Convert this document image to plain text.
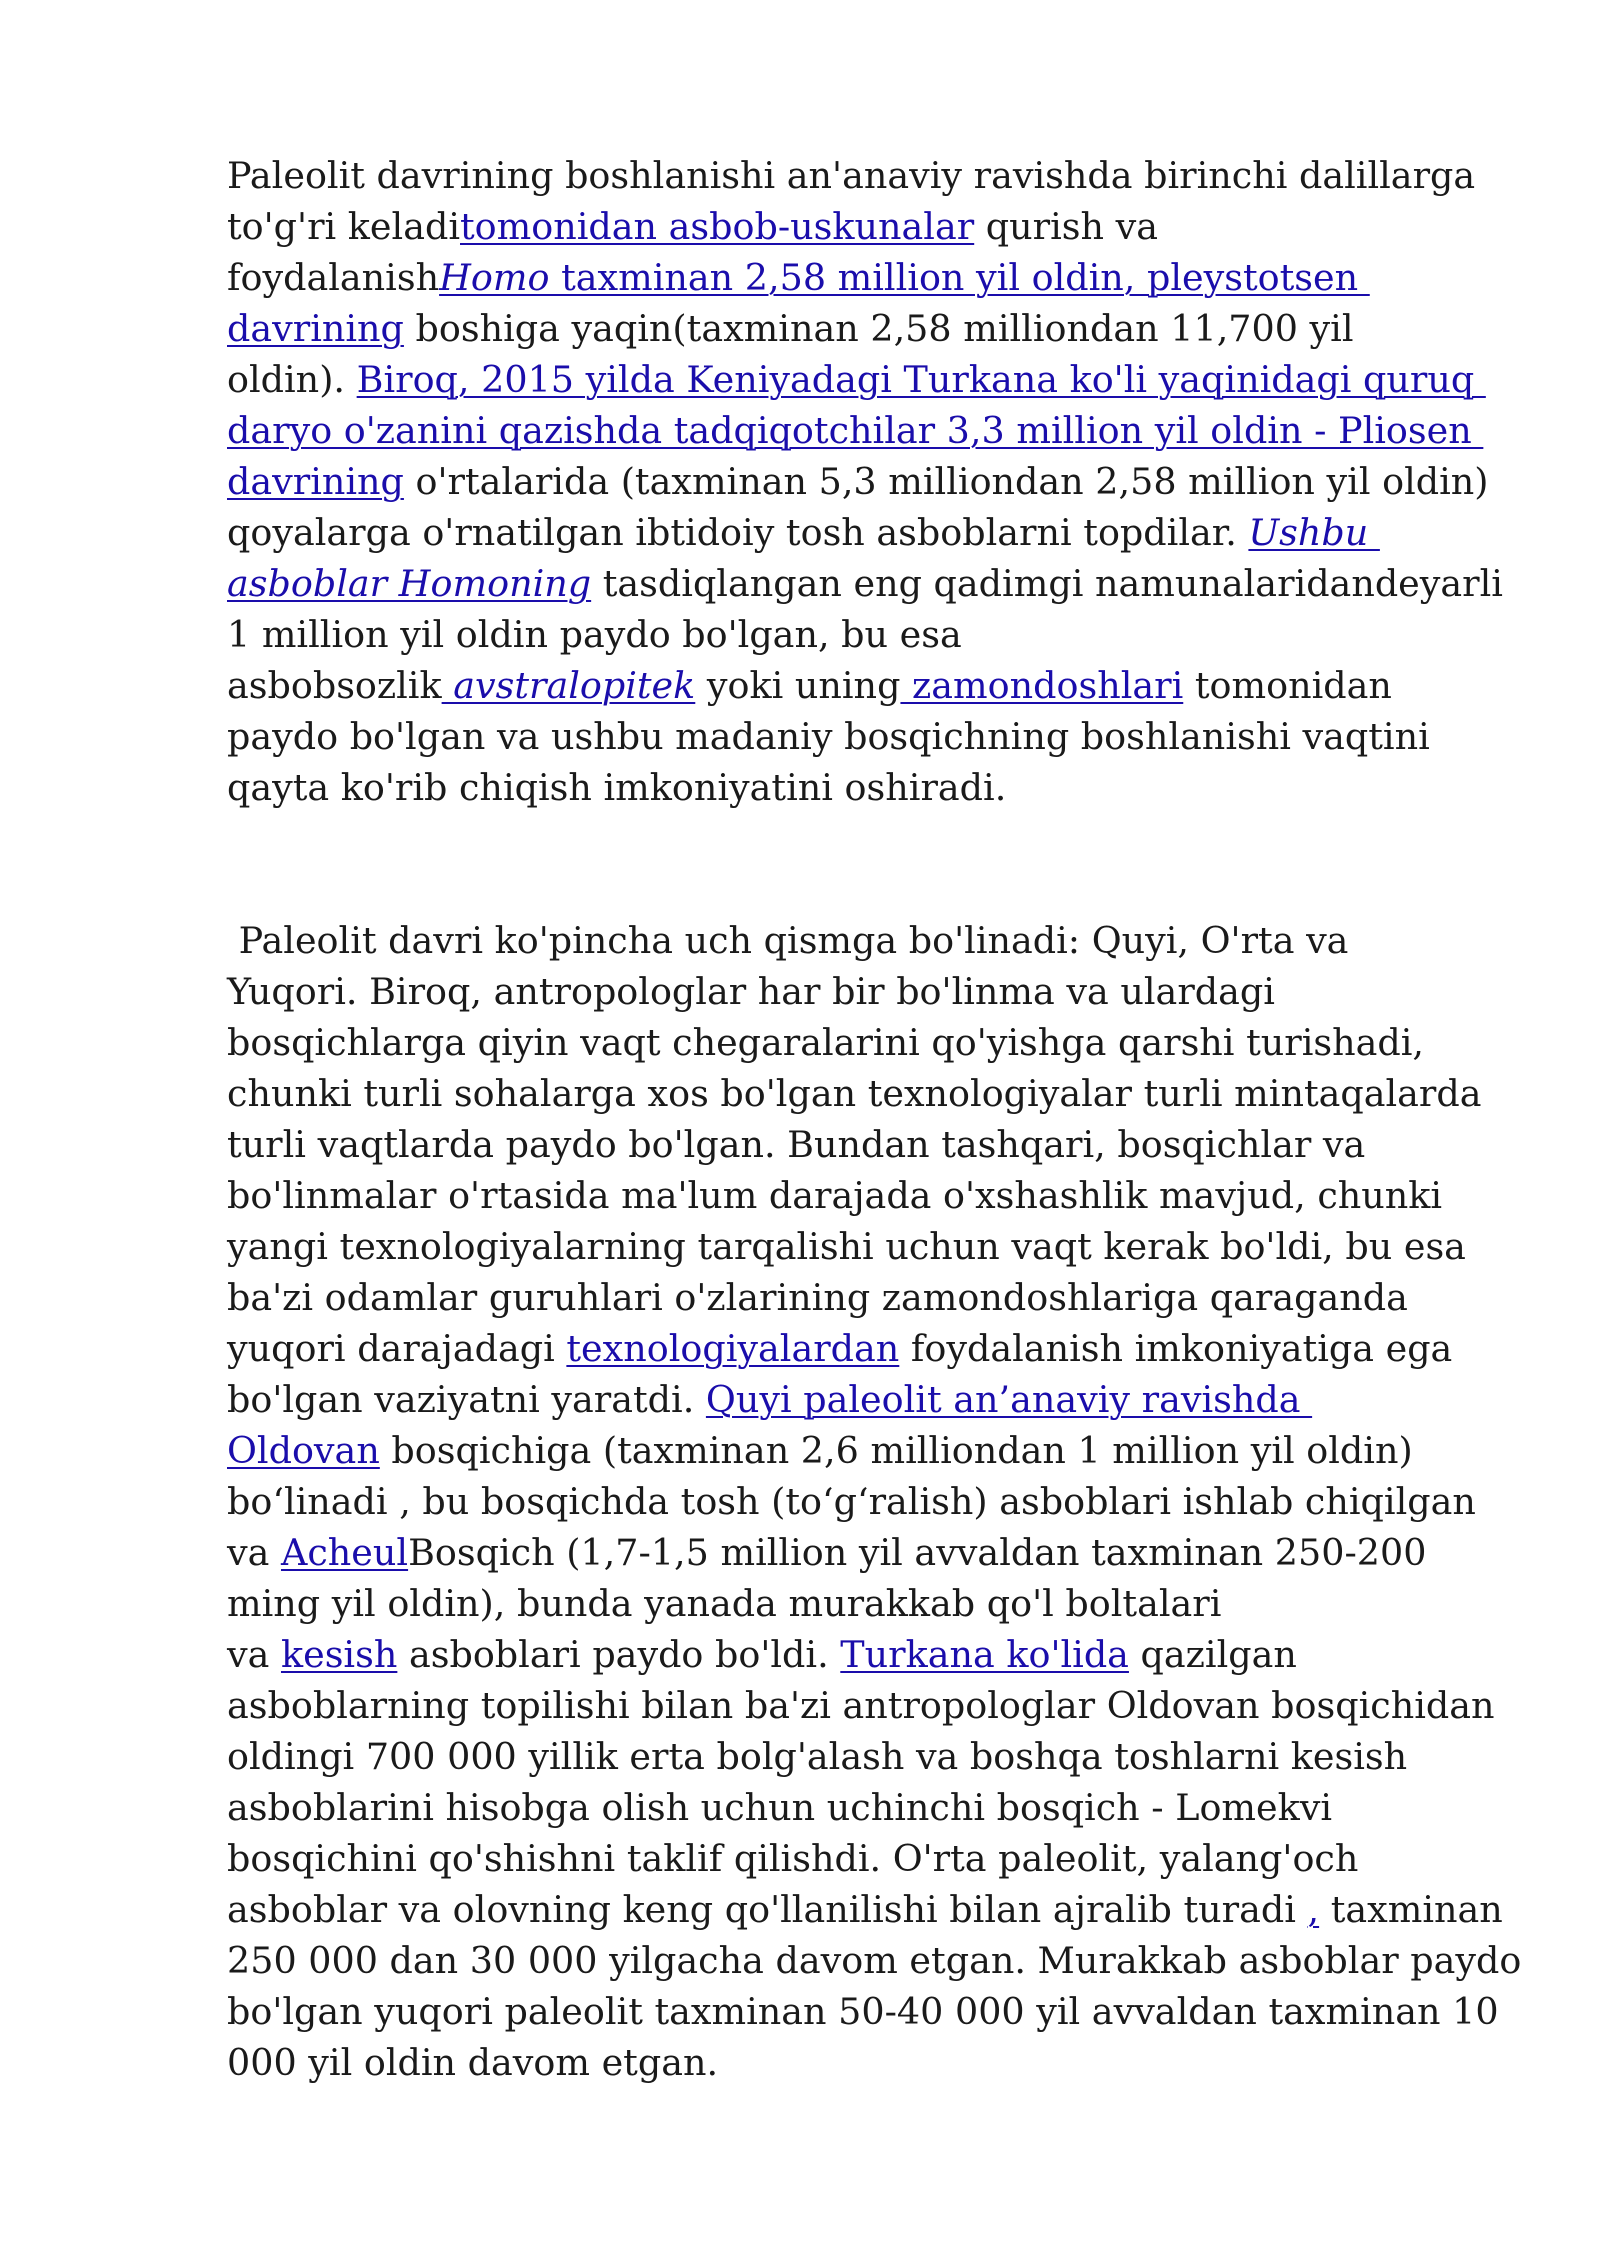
Paleolit davrining boshlanishi an'anaviy ravishda birinchi dalillarga
to'g'ri keladitomonidan asbob-uskunalar qurish va
foydalanishHomo taxminan 2,58 million yil oldin, pleystotsen
davrining boshiga yaqin(taxminan 2,58 milliondan 11,700 yil
oldin). Biroq, 2015 yilda Keniyadagi Turkana ko'li yaqinidagi quruq
daryo o'zanini qazishda tadqiqotchilar 3,3 million yil oldin - Pliosen
davrining o'rtalarida (taxminan 5,3 milliondan 2,58 million yil oldin)
qoyalarga o'rnatilgan ibtidoiy tosh asboblarni topdilar. Ushbu
asboblar Homoning tasdiqlangan eng qadimgi namunalaridandeyarli
1 million yil oldin paydo bo'lgan, bu esa
asbobsozlik avstralopitek yoki uning zamondoshlari tomonidan
paydo bo'lgan va ushbu madaniy bosqichning boshlanishi vaqtini
qayta ko'rib chiqish imkoniyatini oshiradi.
Paleolit davri ko'pincha uch qismga bo'linadi: Quyi, O'rta va
Yuqori. Biroq, antropologlar har bir bo'linma va ulardagi
bosqichlarga qiyin vaqt chegaralarini qo'yishga qarshi turishadi,
chunki turli sohalarga xos bo'lgan texnologiyalar turli mintaqalarda
turli vaqtlarda paydo bo'lgan. Bundan tashqari, bosqichlar va
bo'linmalar o'rtasida ma'lum darajada o'xshashlik mavjud, chunki
yangi texnologiyalarning tarqalishi uchun vaqt kerak bo'ldi, bu esa
ba'zi odamlar guruhlari o'zlarining zamondoshlariga qaraganda
yuqori darajadagi texnologiyalardan foydalanish imkoniyatiga ega
bo'lgan vaziyatni yaratdi. Quyi paleolit an’anaviy ravishda
Oldovan bosqichiga (taxminan 2,6 milliondan 1 million yil oldin)
bo‘linadi , bu bosqichda tosh (to‘g‘ralish) asboblari ishlab chiqilgan
va AcheulBosqich (1,7-1,5 million yil avvaldan taxminan 250-200
ming yil oldin), bunda yanada murakkab qo'l boltalari
va kesish asboblari paydo bo'ldi. Turkana ko'lida qazilgan
asboblarning topilishi bilan ba'zi antropologlar Oldovan bosqichidan
oldingi 700 000 yillik erta bolg'alash va boshqa toshlarni kesish
asboblarini hisobga olish uchun uchinchi bosqich - Lomekvi
bosqichini qo'shishni taklif qilishdi. O'rta paleolit, yalang'och
asboblar va olovning keng qo'llanilishi bilan ajralib turadi , taxminan
250 000 dan 30 000 yilgacha davom etgan. Murakkab asboblar paydo
bo'lgan yuqori paleolit taxminan 50-40 000 yil avvaldan taxminan 10
000 yil oldin davom etgan.
